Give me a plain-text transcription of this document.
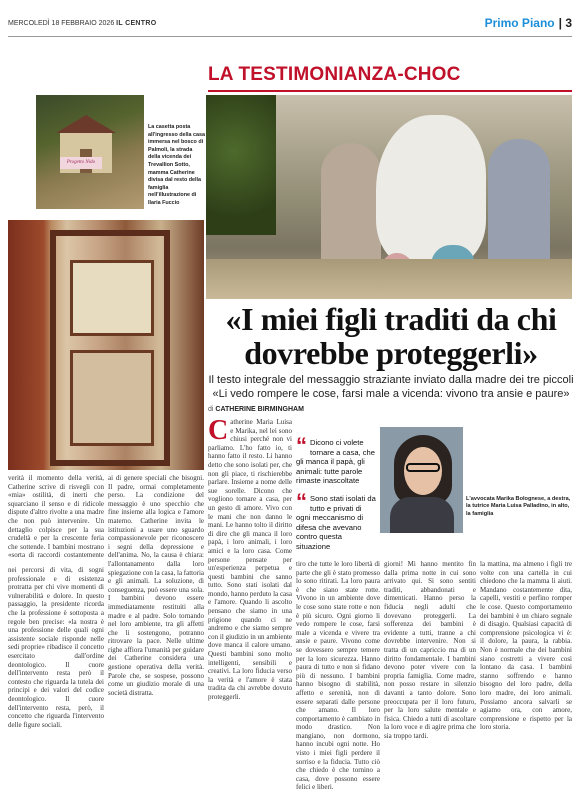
MERCOLEDÌ 18 FEBBRAIO 2026 IL CENTRO	Primo Piano | 3
Progetto Nido
La casetta posta all'ingresso della casa immersa nel bosco di Palmoli, la strada della vicenda dei Trevallion Sotto, mamma Catherine divisa dal resto della famiglia nell'illustrazione di Ilaria Fuccio
LA TESTIMONIANZA-CHOC
«I miei figli traditi da chi dovrebbe proteggerli»
Il testo integrale del messaggio straziante inviato dalla madre dei tre piccoli «Li vedo rompere le cose, farsi male a vicenda: vivono tra ansie e paure»
di CATHERINE BIRMINGHAM

verità il momento della verità, Catherine scrive di risvegli con «mia» ostilità, di inerti che squarciano il senso e di ridicole dispute d'altro rivolte a una madre che non può intervenire. Un dettaglio colpisce per la sua crudeltà e per la crescente feria che sottende. I bambini mostrano «sorta di raccordi costantemente

nei percorsi di vita, di sogni professionale e di esistenza protratta per chi vive momenti di vulnerabilità e dolore. In questo passaggio, la presidente ricorda che la professione è sottoposta a regole ben precise: «la nostra è una professione delle quali ogni assistente sociale risponde nelle sedi proprie» ribadisce il concetto esercitato dall'ordine deontologico. Il cuore dell'intervento resta però il contesto che riguarda la tutela dei principi e dei valori del codice deontologico. Il cuore dell'intervento resta, però, il concetto che riguarda l'intervento delle figure sociali.

ai di genere speciali che bisogni. Il padre, ormai completamente perso. La condizione del messaggio è uno specchio che fine insieme alla logica e l'amore materno. Catherine invita le istituzioni a usare uno sguardo compassionevole per riconoscere i segni della depressione e dell'anima. No, la causa è chiara: l'allontanamento dalla loro spiegazione con la casa, la fattoria e gli animali. La soluzione, di conseguenza, può essere una sola. I bambini devono essere immediatamente restituiti alla madre e al padre. Solo tornando nel loro ambiente, tra gli affetti che li sostengono, potranno ritrovare la pace. Nelle ultime righe affiora l'umanità per guidare dei Catherine considera una gestione operativa della verità. Parole che, se sospese, possono come un giudizio morale di una società distratta.

C atherine Maria Luisa e Marika, nel lei sono chiusi perché non vi parliamo. L'ho fatto io, ti hanno fatto il resto. Li hanno detto che sono isolati per, che non gli piace, ti rischierebbe parlare. Insieme a nome delle sue sorelle. Dicono che vogliono tornare a casa, per un gesto di amore. Vivo con le mani che non danno le mani. Le hanno tolto il diritto di dire che gli manca il loro papà, i loro animali, i loro amici e la loro casa. Come persone pensate per un'esperienza perpetua e questi bambini che sanno tutto. Sono stati isolati dal mondo, hanno perduto la casa e l'amore. Quando li ascolto pensano che siamo in una prigione quando ci ne andremo e che siamo sempre con il giudizio in un ambiente dove manca il calore umano. Questi bambini sono molto intelligenti, sensibili e creativi. La loro fiducia verso la verità e l'amore è stata tradita da chi avrebbe dovuto proteggerli.

“ Dicono ci volete tornare a casa, che gli manca il papà, gli animali: tutte parole rimaste inascoltate
“ Sono stati isolati da tutto e privati di ogni meccanismo di difesa che avevano contro questa situazione
L'avvocata Marika Bolognese, a destra, la tutrice Maria Luisa Palladino, in alto, la famiglia

tiro che tutte le loro libertà di parte che gli è stato promesso lo sono ritirati. La loro paura è che siano state rotte. Vivono in un ambiente dove le cose sono state rotte e non è più sicuro. Ogni giorno li vedo rompere le cose, farsi male a vicenda e vivere tra ansie e paure. Vivono come se dovessero sempre temere per la loro sicurezza. Hanno paura di tutto e non si fidano più di nessuno. I bambini hanno bisogno di stabilità, affetto e serenità, non di essere separati dalle persone che amano. Il loro comportamento è cambiato in modo drastico. Non mangiano, non dormono, hanno incubi ogni notte. Ho visto i miei figli perdere il sorriso e la fiducia. Tutto ciò che chiedo è che tornino a casa, dove possono essere felici e liberi.

giorni! Mi hanno mentito fin dalla prima notte in cui sono arrivato qui. Si sono sentiti traditi, abbandonati e dimenticati. Hanno perso la fiducia negli adulti che dovevano proteggerli. La sofferenza dei bambini è evidente a tutti, tranne a chi dovrebbe intervenire. Non si tratta di un capriccio ma di un diritto fondamentale. I bambini devono poter vivere con la propria famiglia. Come madre, non posso restare in silenzio davanti a tanto dolore. Sono preoccupata per il loro futuro, per la loro salute mentale e fisica. Chiedo a tutti di ascoltare la loro voce e di agire prima che sia troppo tardi.

la mattina, ma almeno i figli tre volte con una cartella in cui chiedono che la mamma li aiuti. Mandano costantemente dita, capelli, vestiti e perfino romper le cose. Questo comportamento dei bambini è un chiaro segnale di disagio. Qualsiasi capacità di comprensione psicologica vi è: il dolore, la paura, la rabbia. Non è normale che dei bambini siano costretti a vivere così lontano da casa. I bambini stanno soffrendo e hanno bisogno del loro padre, della loro madre, dei loro animali. Possiamo ancora salvarli se agiamo ora, con amore, comprensione e rispetto per la loro storia.
